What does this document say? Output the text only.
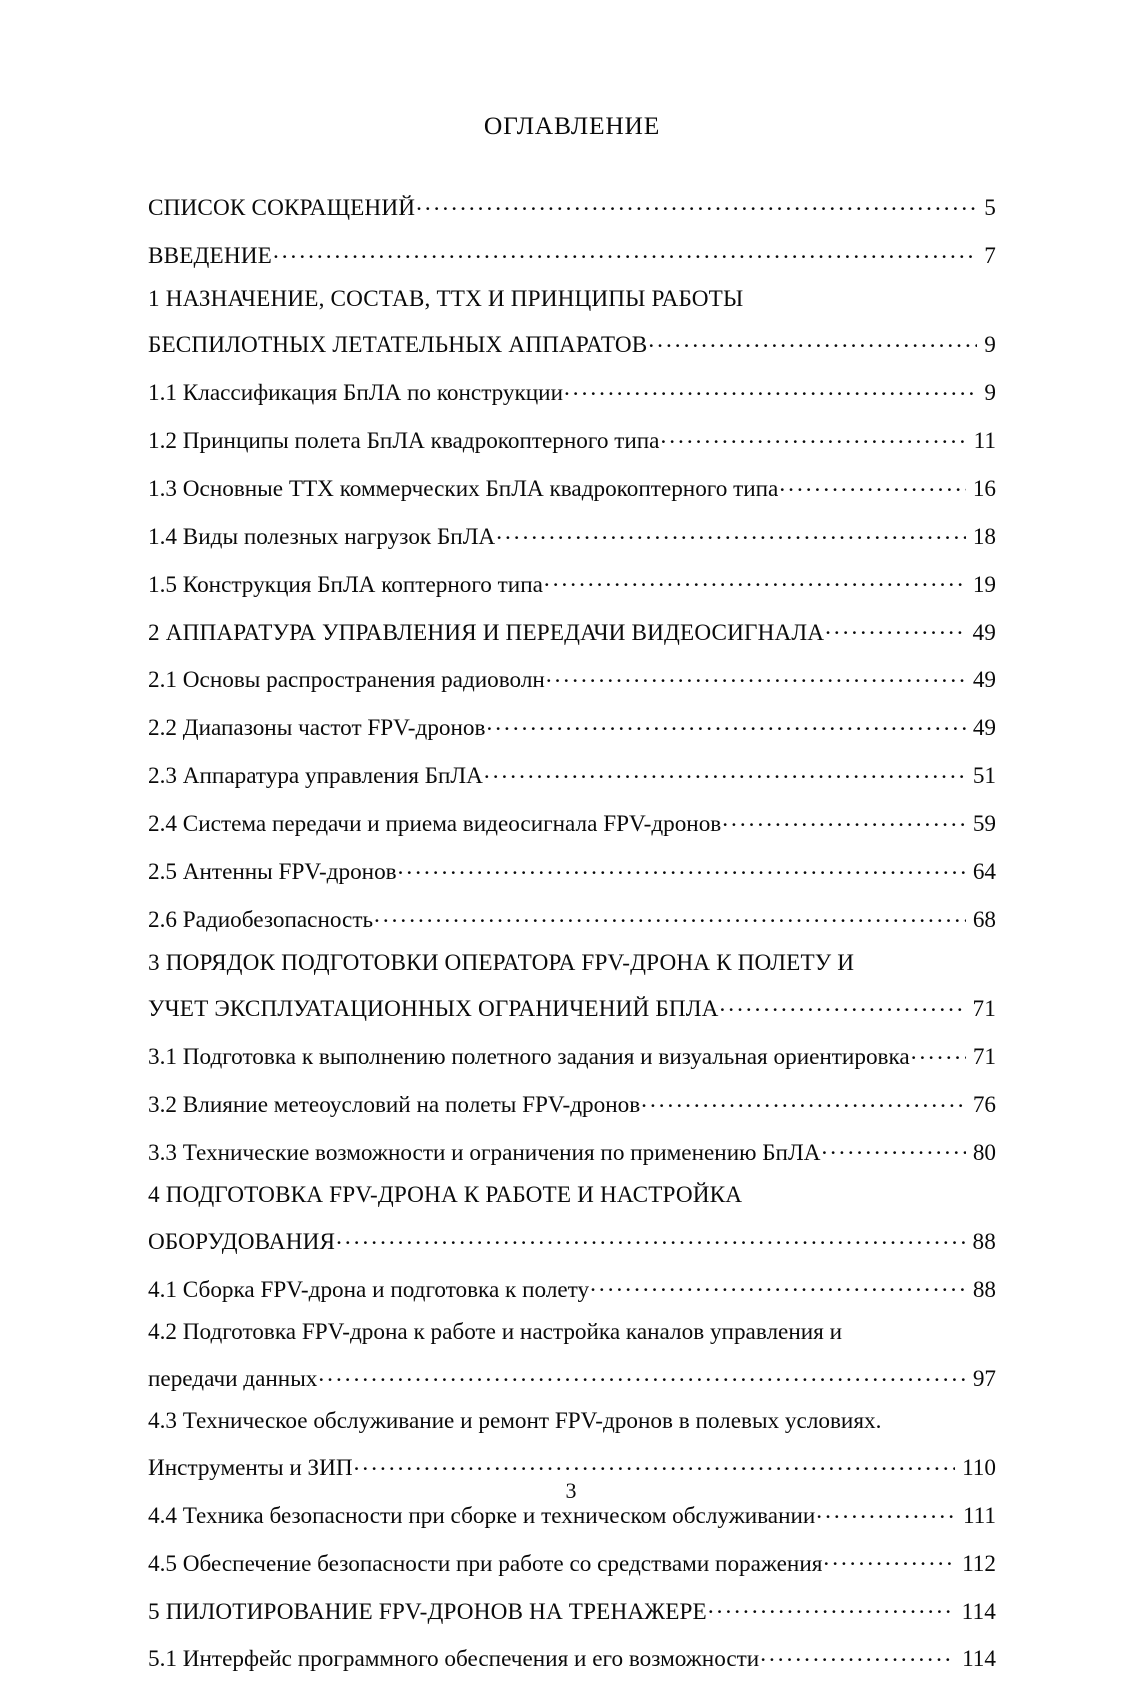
ОГЛАВЛЕНИЕ
СПИСОК СОКРАЩЕНИЙ . . .	5
ВВЕДЕНИЕ . . .	7
1 НАЗНАЧЕНИЕ, СОСТАВ, ТТХ И ПРИНЦИПЫ РАБОТЫ
БЕСПИЛОТНЫХ ЛЕТАТЕЛЬНЫХ АППАРАТОВ . . .	9
1.1 Классификация БпЛА по конструкции . . .	9
1.2 Принципы полета БпЛА квадрокоптерного типа . . .	11
1.3 Основные ТТХ коммерческих БпЛА квадрокоптерного типа . . .	16
1.4 Виды полезных нагрузок БпЛА . . .	18
1.5 Конструкция БпЛА коптерного типа . . .	19
2 АППАРАТУРА УПРАВЛЕНИЯ И ПЕРЕДАЧИ ВИДЕОСИГНАЛА . . .	49
2.1 Основы распространения радиоволн . . .	49
2.2 Диапазоны частот FPV-дронов . . .	49
2.3 Аппаратура управления БпЛА . . .	51
2.4 Система передачи и приема видеосигнала FPV-дронов . . .	59
2.5 Антенны FPV-дронов . . .	64
2.6 Радиобезопасность . . .	68
3 ПОРЯДОК ПОДГОТОВКИ ОПЕРАТОРА FPV-ДРОНА К ПОЛЕТУ И
УЧЕТ ЭКСПЛУАТАЦИОННЫХ ОГРАНИЧЕНИЙ БПЛА . . .	71
3.1 Подготовка к выполнению полетного задания и визуальная ориентировка . . .	71
3.2 Влияние метеоусловий на полеты FPV-дронов . . .	76
3.3 Технические возможности и ограничения по применению БпЛА . . .	80
4 ПОДГОТОВКА FPV-ДРОНА К РАБОТЕ И НАСТРОЙКА
ОБОРУДОВАНИЯ . . .	88
4.1 Сборка FPV-дрона и подготовка к полету . . .	88
4.2 Подготовка FPV-дрона к работе и настройка каналов управления и
передачи данных . . .	97
4.3 Техническое обслуживание и ремонт FPV-дронов в полевых условиях.
Инструменты и ЗИП . . .	110
4.4 Техника безопасности при сборке и техническом обслуживании . . .	111
4.5 Обеспечение безопасности при работе со средствами поражения . . .	112
5 ПИЛОТИРОВАНИЕ FPV-ДРОНОВ НА ТРЕНАЖЕРЕ . . .	114
5.1 Интерфейс программного обеспечения и его возможности . . .	114
3
